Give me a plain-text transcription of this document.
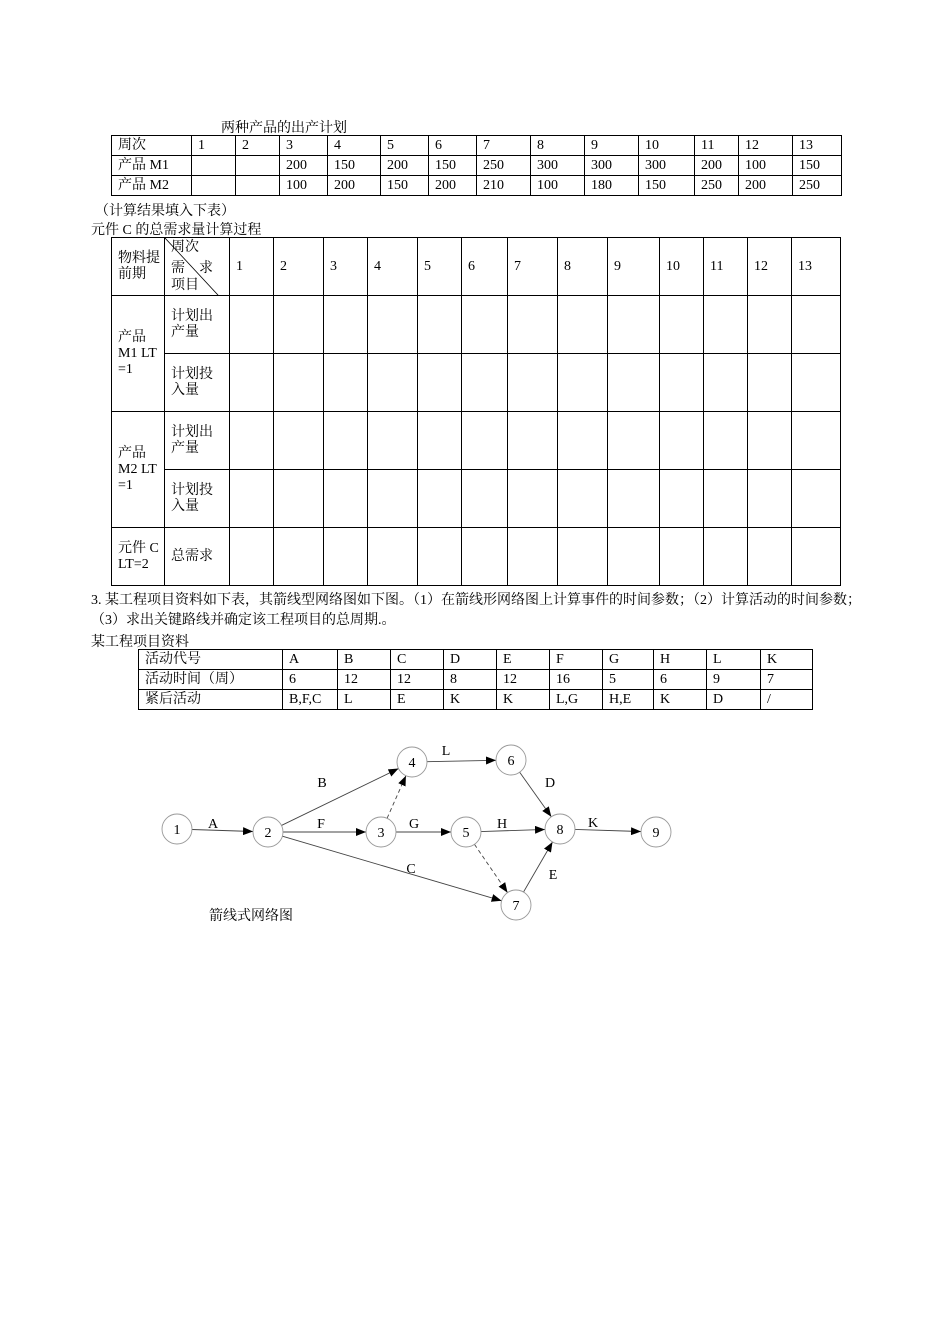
两种产品的出产计划
周次	1	2	3	4	5	6	7	8	9	10	11	12	13
产品 M1			200	150	200	150	250	300	300	300	200	100	150
产品 M2			100	200	150	200	210	100	180	150	250	200	250
（计算结果填入下表）
元件 C 的总需求量计算过程
物料提前期	周次
需    求项目	1	2	3	4	5	6	7	8	9	10	11	12	13
产品 M1 LT=1	计划出产量													
	计划投入量													
产品 M2 LT=1	计划出产量													
	计划投入量													
元件 C LT=2	总需求													
3. 某工程项目资料如下表，其箭线型网络图如下图。（1）在箭线形网络图上计算事件的时间参数；（2）计算活动的时间参数；（3）求出关键路线并确定该工程项目的总周期.。
某工程项目资料
活动代号	A	B	C	D	E	F	G	H	L	K
活动时间（周）	6	12	12	8	12	16	5	6	9	7
紧后活动	B,F,C	L	E	K	K	L,G	H,E	K	D	/
1	2	3
4
5
6
7
8	9
A
B
F
C
G
L
H
D
E
K
箭线式网络图
